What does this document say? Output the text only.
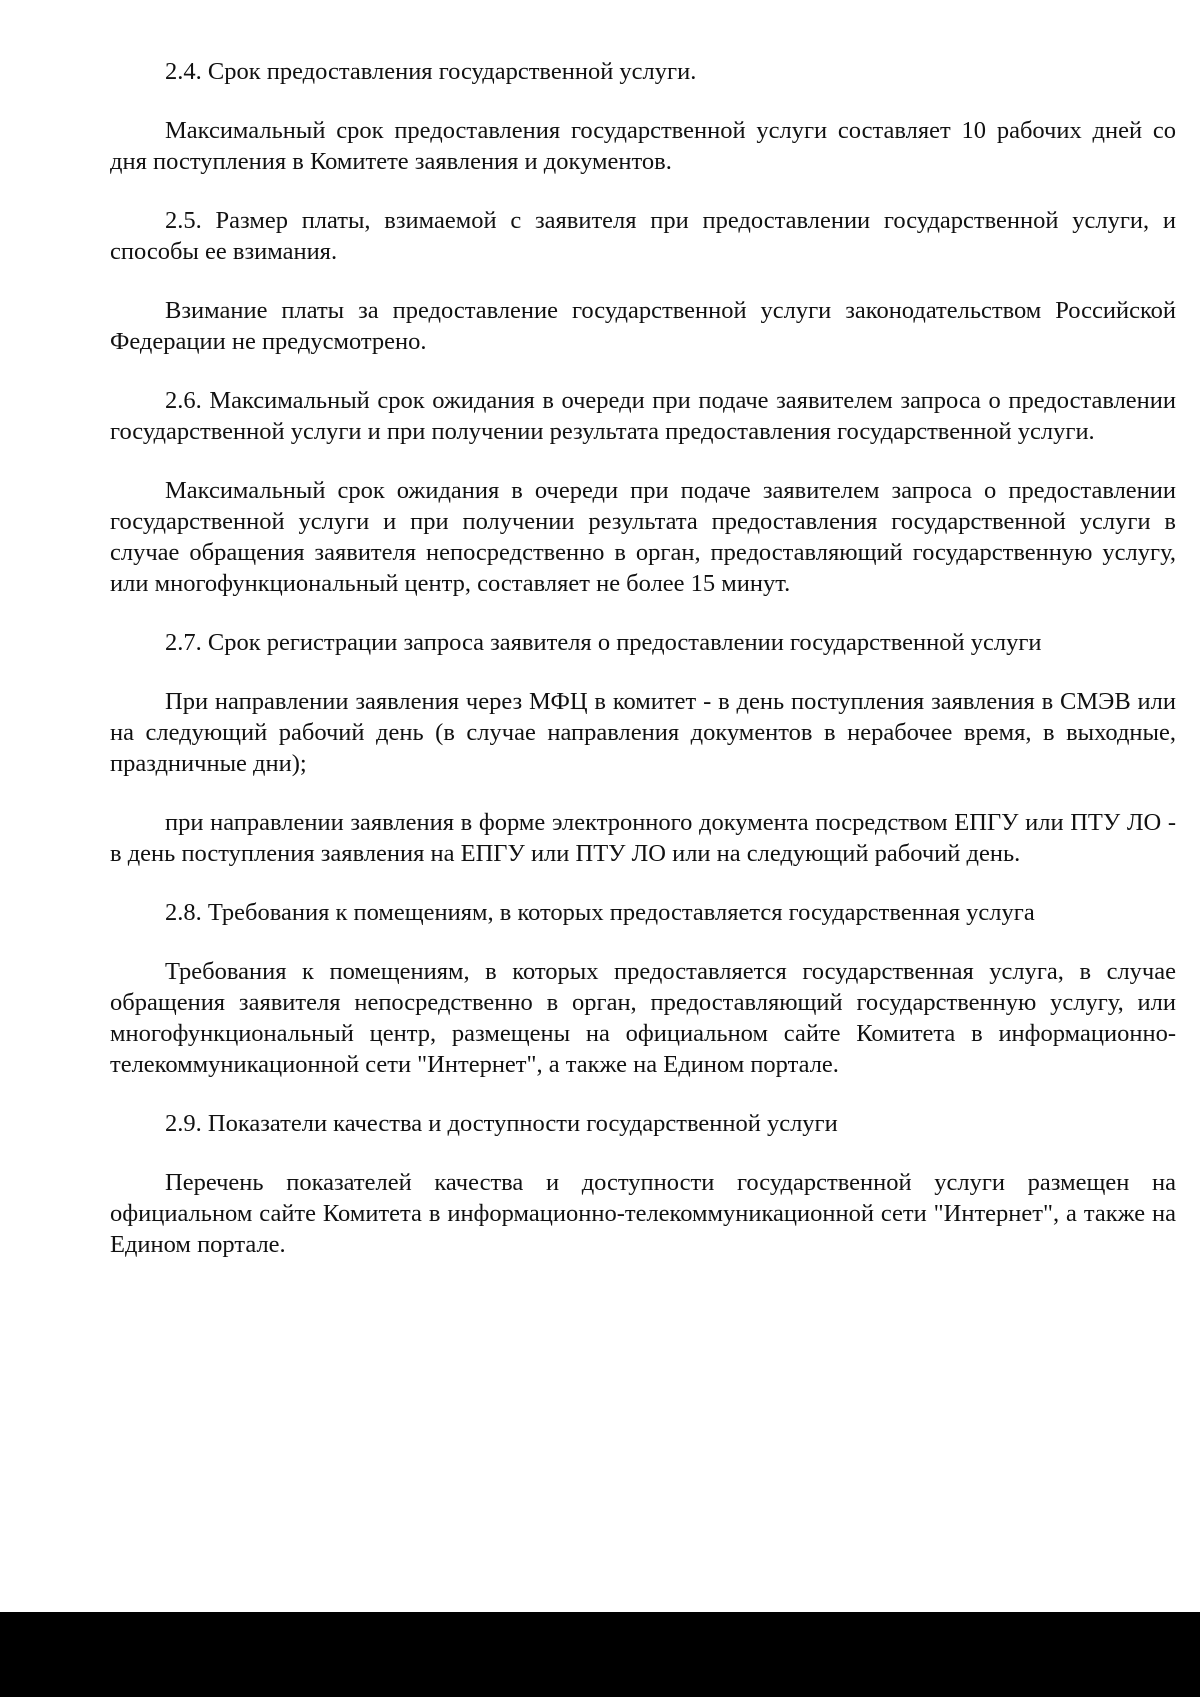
2.4. Срок предоставления государственной услуги.

Максимальный срок предоставления государственной услуги составляет 10 рабочих дней со дня поступления в Комитете заявления и документов.

2.5. Размер платы, взимаемой с заявителя при предоставлении государственной услуги, и способы ее взимания.

Взимание платы за предоставление государственной услуги законодательством Российской Федерации не предусмотрено.

2.6. Максимальный срок ожидания в очереди при подаче заявителем запроса о предоставлении государственной услуги и при получении результата предоставления государственной услуги.

Максимальный срок ожидания в очереди при подаче заявителем запроса о предоставлении государственной услуги и при получении результата предоставления государственной услуги в случае обращения заявителя непосредственно в орган, предоставляющий государственную услугу, или многофункциональный центр, составляет не более 15 минут.

2.7. Срок регистрации запроса заявителя о предоставлении государственной услуги

При направлении заявления через МФЦ в комитет - в день поступления заявления в СМЭВ или на следующий рабочий день (в случае направления документов в нерабочее время, в выходные, праздничные дни);

при направлении заявления в форме электронного документа посредством ЕПГУ или ПТУ ЛО - в день поступления заявления на ЕПГУ или ПТУ ЛО или на следующий рабочий день.

2.8. Требования к помещениям, в которых предоставляется государственная услуга

Требования к помещениям, в которых предоставляется государственная услуга, в случае обращения заявителя непосредственно в орган, предоставляющий государственную услугу, или многофункциональный центр, размещены на официальном сайте Комитета в информационно-телекоммуникационной сети "Интернет", а также на Едином портале.

2.9. Показатели качества и доступности государственной услуги

Перечень показателей качества и доступности государственной услуги размещен на официальном сайте Комитета в информационно-телекоммуникационной сети "Интернет", а также на Едином портале.
